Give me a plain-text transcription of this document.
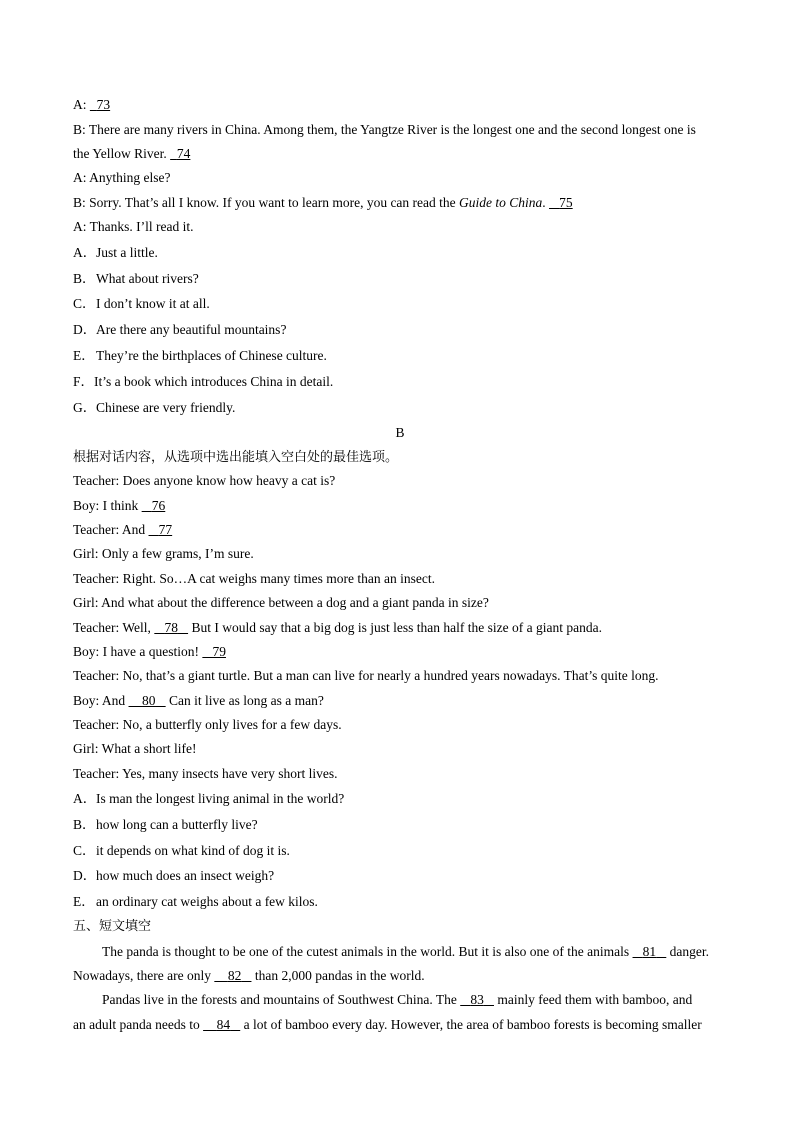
A:   73
B: There are many rivers in China. Among them, the Yangtze River is the longest one and the second longest one is
the Yellow River.   74
A: Anything else?
B: Sorry. That’s all I know. If you want to learn more, you can read the Guide to China.    75
A: Thanks. I’ll read it.
A．Just a little.
B．What about rivers?
C．I don’t know it at all.
D．Are there any beautiful mountains?
E．They’re the birthplaces of Chinese culture.
F．It’s a book which introduces China in detail.
G．Chinese are very friendly.
B
根据对话内容，从选项中选出能填入空白处的最佳选项。
Teacher: Does anyone know how heavy a cat is?
Boy: I think    76
Teacher: And    77
Girl: Only a few grams, I’m sure.
Teacher: Right. So…A cat weighs many times more than an insect.
Girl: And what about the difference between a dog and a giant panda in size?
Teacher: Well,    78    But I would say that a big dog is just less than half the size of a giant panda.
Boy: I have a question!    79
Teacher: No, that’s a giant turtle. But a man can live for nearly a hundred years nowadays. That’s quite long.
Boy: And     80    Can it live as long as a man?
Teacher: No, a butterfly only lives for a few days.
Girl: What a short life!
Teacher: Yes, many insects have very short lives.
A．Is man the longest living animal in the world?
B．how long can a butterfly live?
C．it depends on what kind of dog it is.
D．how much does an insect weigh?
E．an ordinary cat weighs about a few kilos.
五、短文填空
The panda is thought to be one of the cutest animals in the world. But it is also one of the animals    81    danger.
Nowadays, there are only     82    than 2,000 pandas in the world.
Pandas live in the forests and mountains of Southwest China. The    83    mainly feed them with bamboo, and
an adult panda needs to     84    a lot of bamboo every day. However, the area of bamboo forests is becoming smaller
